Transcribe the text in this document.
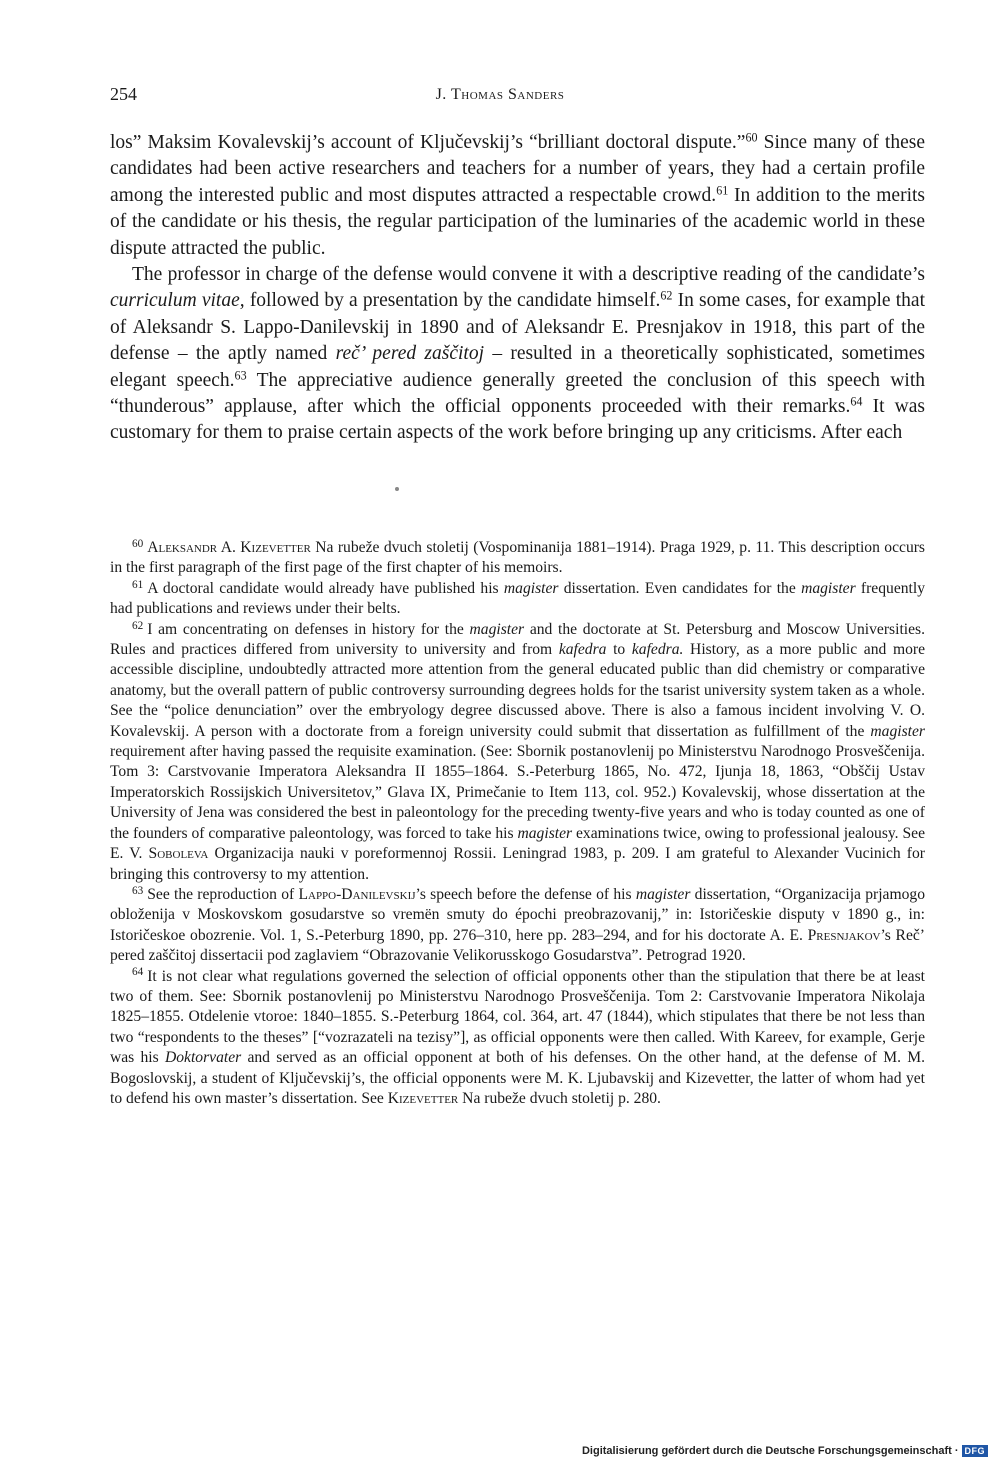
254	J. Thomas Sanders

los” Maksim Kovalevskij’s account of Ključevskij’s “brilliant doctoral dispute.”$^{60}$ Since many of these candidates had been active researchers and teachers for a number of years, they had a certain profile among the interested public and most disputes attracted a respectable crowd.$^{61}$ In addition to the merits of the candidate or his thesis, the regular participation of the luminaries of the academic world in these dispute attracted the public.

The professor in charge of the defense would convene it with a descriptive reading of the candidate’s curriculum vitae, followed by a presentation by the candidate himself.$^{62}$ In some cases, for example that of Aleksandr S. Lappo-Danilevskij in 1890 and of Aleksandr E. Presnjakov in 1918, this part of the defense – the aptly named reč’ pered zaščitoj – resulted in a theoretically sophisticated, sometimes elegant speech.$^{63}$ The appreciative audience generally greeted the conclusion of this speech with “thunderous” applause, after which the official opponents proceeded with their remarks.$^{64}$ It was customary for them to praise certain aspects of the work before bringing up any criticisms. After each

$^{60}$ Aleksandr A. Kizevetter Na rubeže dvuch stoletij (Vospominanija 1881–1914). Praga 1929, p. 11. This description occurs in the first paragraph of the first page of the first chapter of his memoirs.

$^{61}$ A doctoral candidate would already have published his magister dissertation. Even candidates for the magister frequently had publications and reviews under their belts.

$^{62}$ I am concentrating on defenses in history for the magister and the doctorate at St. Petersburg and Moscow Universities. Rules and practices differed from university to university and from kafedra to kafedra. History, as a more public and more accessible discipline, undoubtedly attracted more attention from the general educated public than did chemistry or comparative anatomy, but the overall pattern of public controversy surrounding degrees holds for the tsarist university system taken as a whole. See the “police denunciation” over the embryology degree discussed above. There is also a famous incident involving V. O. Kovalevskij. A person with a doctorate from a foreign university could submit that dissertation as fulfillment of the magister requirement after having passed the requisite examination. (See: Sbornik postanovlenij po Ministerstvu Narodnogo Prosveščenija. Tom 3: Carstvovanie Imperatora Aleksandra II 1855–1864. S.-Peterburg 1865, No. 472, Ijunja 18, 1863, “Obščij Ustav Imperatorskich Rossijskich Universitetov,” Glava IX, Primečanie to Item 113, col. 952.) Kovalevskij, whose dissertation at the University of Jena was considered the best in paleontology for the preceding twenty-five years and who is today counted as one of the founders of comparative paleontology, was forced to take his magister examinations twice, owing to professional jealousy. See E. V. Soboleva Organizacija nauki v poreformennoj Rossii. Leningrad 1983, p. 209. I am grateful to Alexander Vucinich for bringing this controversy to my attention.

$^{63}$ See the reproduction of Lappo-Danilevskij’s speech before the defense of his magister dissertation, “Organizacija prjamogo obloženija v Moskovskom gosudarstve so vremën smuty do épochi preobrazovanij,” in: Istoričeskie disputy v 1890 g., in: Istoričeskoe obozrenie. Vol. 1, S.-Peterburg 1890, pp. 276–310, here pp. 283–294, and for his doctorate A. E. Presnjakov’s Reč’ pered zaščitoj dissertacii pod zaglaviem “Obrazovanie Velikorusskogo Gosudarstva”. Petrograd 1920.

$^{64}$ It is not clear what regulations governed the selection of official opponents other than the stipulation that there be at least two of them. See: Sbornik postanovlenij po Ministerstvu Narodnogo Prosveščenija. Tom 2: Carstvovanie Imperatora Nikolaja 1825–1855. Otdelenie vtoroe: 1840–1855. S.-Peterburg 1864, col. 364, art. 47 (1844), which stipulates that there be not less than two “respondents to the theses” [“vozrazateli na tezisy”], as official opponents were then called. With Kareev, for example, Gerje was his Doktorvater and served as an official opponent at both of his defenses. On the other hand, at the defense of M. M. Bogoslovskij, a student of Ključevskij’s, the official opponents were M. K. Ljubavskij and Kizevetter, the latter of whom had yet to defend his own master’s dissertation. See Kizevetter Na rubeže dvuch stoletij p. 280.

Digitalisierung gefördert durch die Deutsche Forschungsgemeinschaft · DFG
